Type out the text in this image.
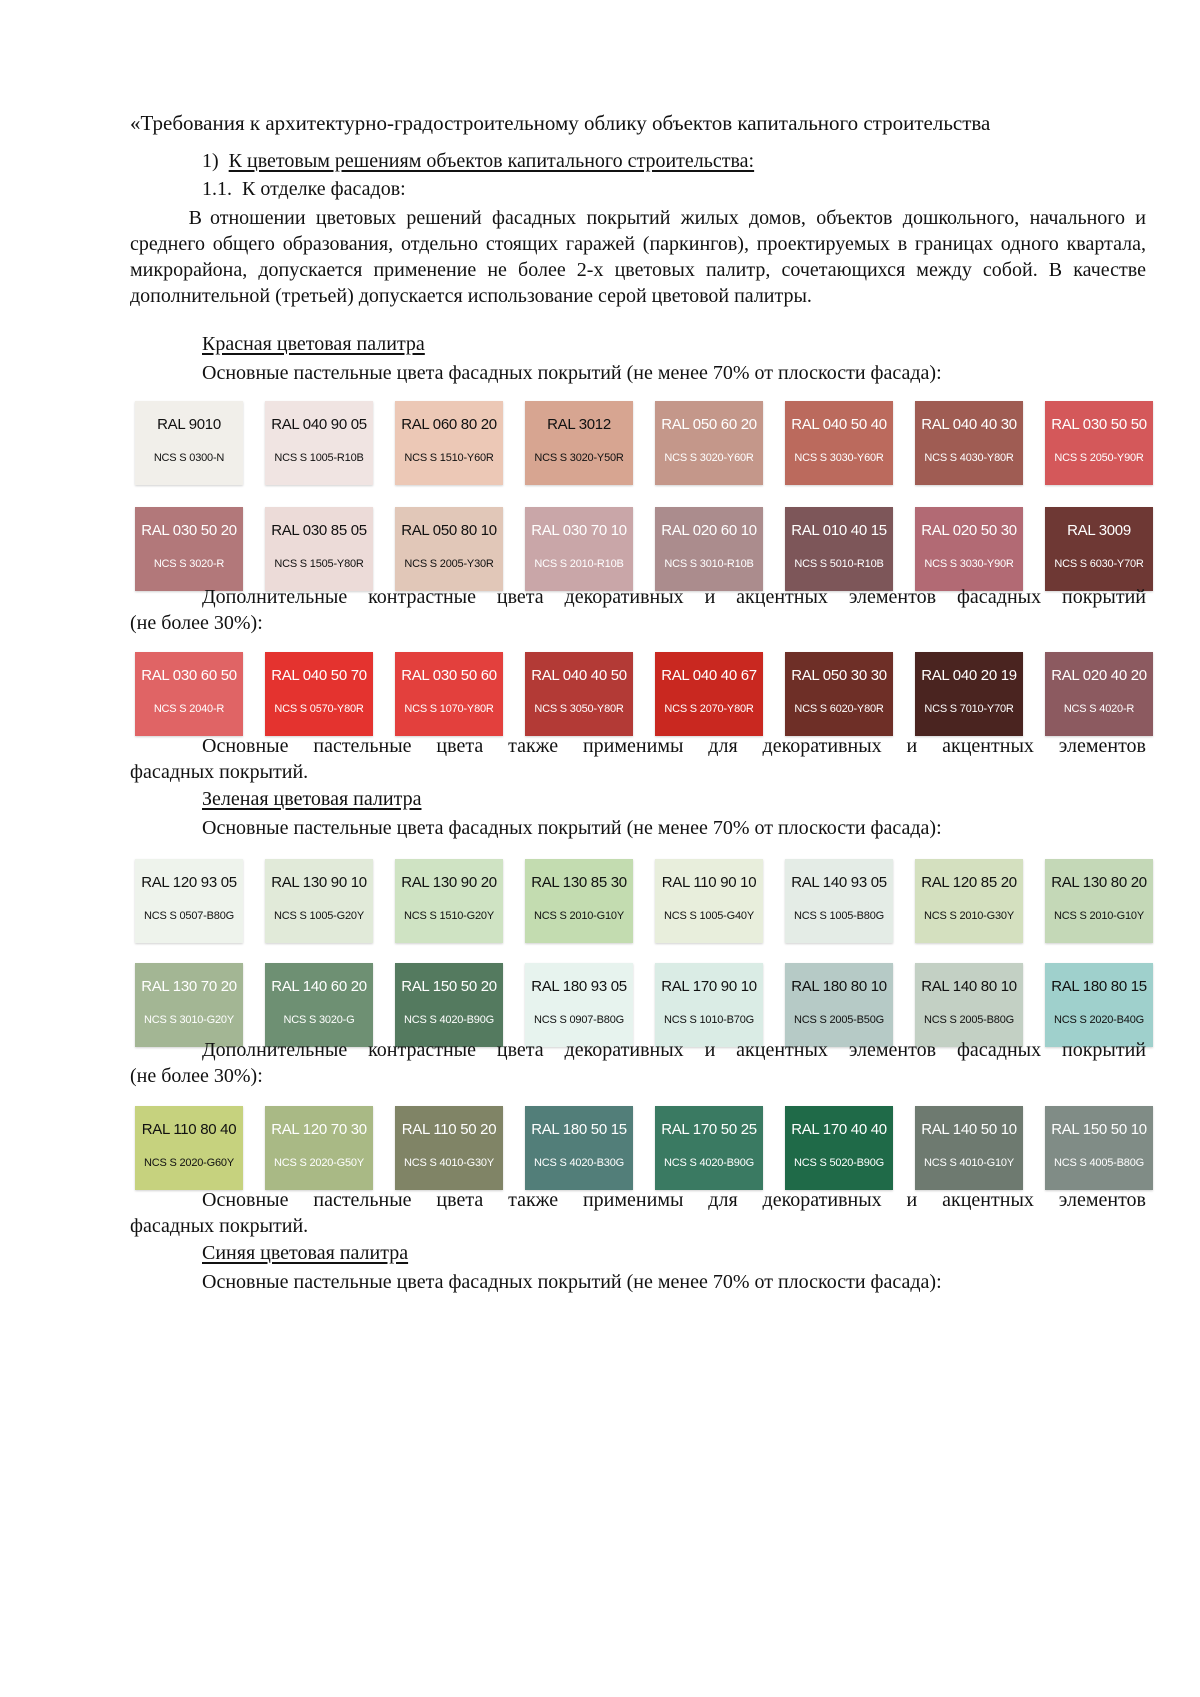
«Требования к архитектурно-градостроительному облику объектов капитального строительства

1) К цветовым решениям объектов капитального строительства:

1.1. К отделке фасадов:

В отношении цветовых решений фасадных покрытий жилых домов, объектов дошкольного, начального и среднего общего образования, отдельно стоящих гаражей (паркингов), проектируемых в границах одного квартала, микрорайона, допускается применение не более 2-х цветовых палитр, сочетающихся между собой. В качестве дополнительной (третьей) допускается использование серой цветовой палитры.

Красная цветовая палитра

Основные пастельные цвета фасадных покрытий (не менее 70% от плоскости фасада):

RAL 9010
NCS S 0300-N
RAL 040 90 05
NCS S 1005-R10B
RAL 060 80 20
NCS S 1510-Y60R
RAL 3012
NCS S 3020-Y50R
RAL 050 60 20
NCS S 3020-Y60R
RAL 040 50 40
NCS S 3030-Y60R
RAL 040 40 30
NCS S 4030-Y80R
RAL 030 50 50
NCS S 2050-Y90R
RAL 030 50 20
NCS S 3020-R
RAL 030 85 05
NCS S 1505-Y80R
RAL 050 80 10
NCS S 2005-Y30R
RAL 030 70 10
NCS S 2010-R10B
RAL 020 60 10
NCS S 3010-R10B
RAL 010 40 15
NCS S 5010-R10B
RAL 020 50 30
NCS S 3030-Y90R
RAL 3009
NCS S 6030-Y70R

Дополнительные контрастные цвета декоративных и акцентных элементов фасадных покрытий

(не более 30%):

RAL 030 60 50
NCS S 2040-R
RAL 040 50 70
NCS S 0570-Y80R
RAL 030 50 60
NCS S 1070-Y80R
RAL 040 40 50
NCS S 3050-Y80R
RAL 040 40 67
NCS S 2070-Y80R
RAL 050 30 30
NCS S 6020-Y80R
RAL 040 20 19
NCS S 7010-Y70R
RAL 020 40 20
NCS S 4020-R

Основные пастельные цвета также применимы для декоративных и акцентных элементов

фасадных покрытий.

Зеленая цветовая палитра

Основные пастельные цвета фасадных покрытий (не менее 70% от плоскости фасада):

RAL 120 93 05
NCS S 0507-B80G
RAL 130 90 10
NCS S 1005-G20Y
RAL 130 90 20
NCS S 1510-G20Y
RAL 130 85 30
NCS S 2010-G10Y
RAL 110 90 10
NCS S 1005-G40Y
RAL 140 93 05
NCS S 1005-B80G
RAL 120 85 20
NCS S 2010-G30Y
RAL 130 80 20
NCS S 2010-G10Y
RAL 130 70 20
NCS S 3010-G20Y
RAL 140 60 20
NCS S 3020-G
RAL 150 50 20
NCS S 4020-B90G
RAL 180 93 05
NCS S 0907-B80G
RAL 170 90 10
NCS S 1010-B70G
RAL 180 80 10
NCS S 2005-B50G
RAL 140 80 10
NCS S 2005-B80G
RAL 180 80 15
NCS S 2020-B40G

Дополнительные контрастные цвета декоративных и акцентных элементов фасадных покрытий

(не более 30%):

RAL 110 80 40
NCS S 2020-G60Y
RAL 120 70 30
NCS S 2020-G50Y
RAL 110 50 20
NCS S 4010-G30Y
RAL 180 50 15
NCS S 4020-B30G
RAL 170 50 25
NCS S 4020-B90G
RAL 170 40 40
NCS S 5020-B90G
RAL 140 50 10
NCS S 4010-G10Y
RAL 150 50 10
NCS S 4005-B80G

Основные пастельные цвета также применимы для декоративных и акцентных элементов

фасадных покрытий.

Синяя цветовая палитра

Основные пастельные цвета фасадных покрытий (не менее 70% от плоскости фасада):
